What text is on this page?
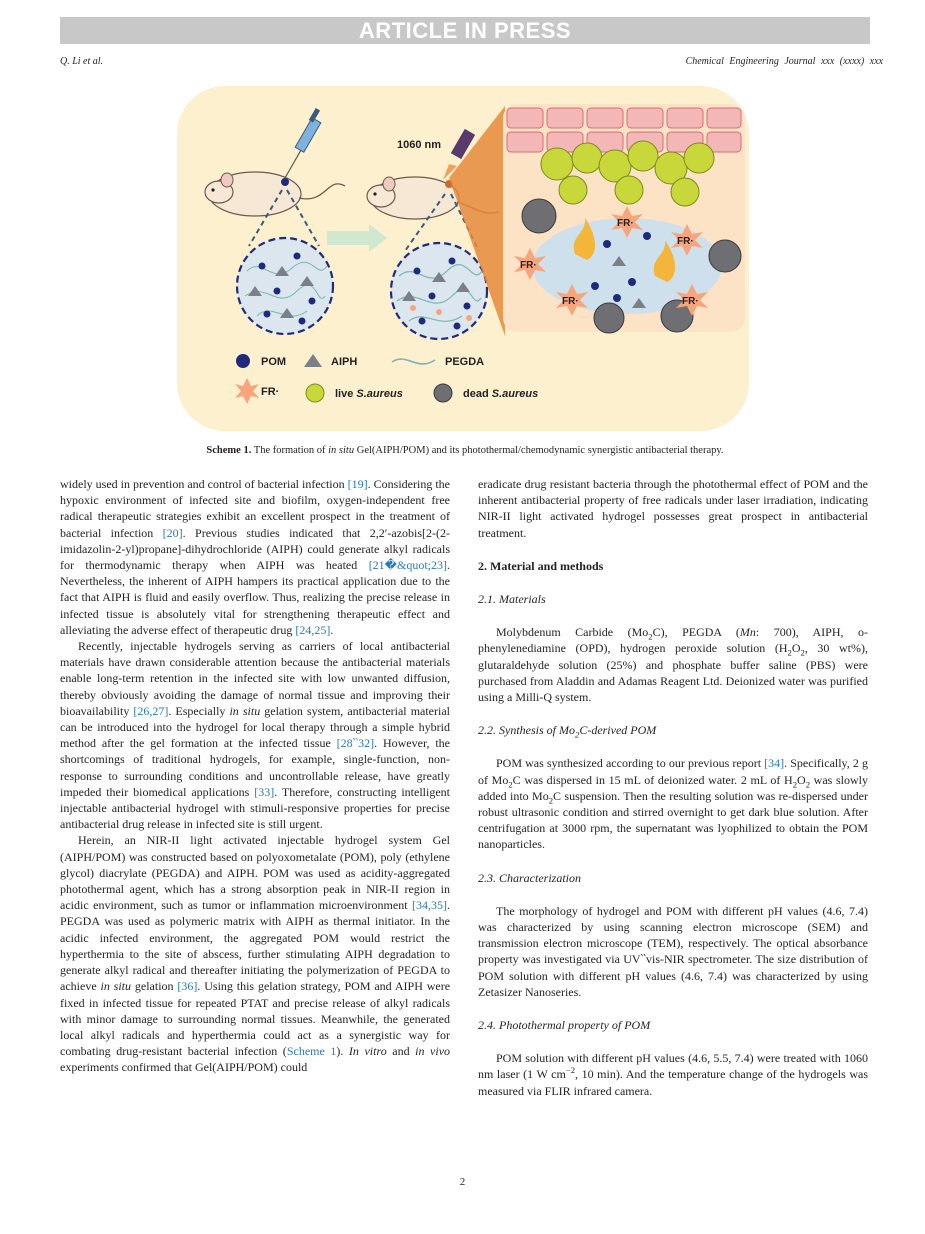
ARTICLE IN PRESS
Q. Li et al.	Chemical Engineering Journal xxx (xxxx) xxx
1060 nm
FR·
FR·
FR·
FR·	FR·
POM	AIPH	PEGDA
FR·	live S.aureus	dead S.aureus
Scheme 1. The formation of in situ Gel(AIPH/POM) and its photothermal/chemodynamic synergistic antibacterial therapy.

widely used in prevention and control of bacterial infection [19]. Considering the hypoxic environment of infected site and biofilm, oxygen-independent free radical therapeutic strategies exhibit an excellent prospect in the treatment of bacterial infection [20]. Previous studies indicated that 2,2′-azobis[2-(2-imidazolin-2-yl)propane]-dihydrochloride (AIPH) could generate alkyl radicals for thermodynamic therapy when AIPH was heated [21�&quot;23]. Nevertheless, the inherent of AIPH hampers its practical application due to the fact that AIPH is fluid and easily overflow. Thus, realizing the precise release in infected tissue is absolutely vital for strengthening therapeutic effect and alleviating the adverse effect of therapeutic drug [24,25].

Recently, injectable hydrogels serving as carriers of local antibacterial materials have drawn considerable attention because the antibacterial materials enable long-term retention in the infected site with low unwanted diffusion, thereby obviously avoiding the damage of normal tissue and improving their bioavailability [26,27]. Especially in situ gelation system, antibacterial material can be introduced into the hydrogel for local therapy through a simple hybrid method after the gel formation at the infected tissue [28‵‵32]. However, the shortcomings of traditional hydrogels, for example, single-function, non-response to surrounding conditions and uncontrollable release, have greatly impeded their biomedical applications [33]. Therefore, constructing intelligent injectable antibacterial hydrogel with stimuli-responsive properties for precise antibacterial drug release in infected site is still urgent.

Herein, an NIR-II light activated injectable hydrogel system Gel (AIPH/POM) was constructed based on polyoxometalate (POM), poly (ethylene glycol) diacrylate (PEGDA) and AIPH. POM was used as acidity-aggregated photothermal agent, which has a strong absorption peak in NIR-II region in acidic environment, such as tumor or inflammation microenvironment [34,35]. PEGDA was used as polymeric matrix with AIPH as thermal initiator. In the acidic infected environment, the aggregated POM would restrict the hyperthermia to the site of abscess, further stimulating AIPH degradation to generate alkyl radical and thereafter initiating the polymerization of PEGDA to achieve in situ gelation [36]. Using this gelation strategy, POM and AIPH were fixed in infected tissue for repeated PTAT and precise release of alkyl radicals with minor damage to surrounding normal tissues. Meanwhile, the generated local alkyl radicals and hyperthermia could act as a synergistic way for combating drug-resistant bacterial infection (Scheme 1). In vitro and in vivo experiments confirmed that Gel(AIPH/POM) could

eradicate drug resistant bacteria through the photothermal effect of POM and the inherent antibacterial property of free radicals under laser irradiation, indicating NIR-II light activated hydrogel possesses great prospect in antibacterial treatment.

2. Material and methods

2.1. Materials

Molybdenum Carbide $(Mo_2C)$, PEGDA (Mn: 700), AIPH, o-phenylenediamine (OPD), hydrogen peroxide solution ($H_2O_2$, 30 wt%), glutaraldehyde solution (25%) and phosphate buffer saline (PBS) were purchased from Aladdin and Adamas Reagent Ltd. Deionized water was purified using a Milli-Q system.

2.2. Synthesis of $Mo_2C$-derived POM

POM was synthesized according to our previous report [34]. Specifically, 2 g of $Mo_2C$ was dispersed in 15 mL of deionized water. 2 mL of $H_2O_2$ was slowly added into $Mo_2C$ suspension. Then the resulting solution was re-dispersed under robust ultrasonic condition and stirred overnight to get dark blue solution. After centrifugation at 3000 rpm, the supernatant was lyophilized to obtain the POM nanoparticles.

2.3. Characterization

The morphology of hydrogel and POM with different pH values (4.6, 7.4) was characterized by using scanning electron microscope (SEM) and transmission electron microscope (TEM), respectively. The optical absorbance property was investigated via UV‵‵vis-NIR spectrometer. The size distribution of POM solution with different pH values (4.6, 7.4) was characterized by using Zetasizer Nanoseries.

2.4. Photothermal property of POM

POM solution with different pH values (4.6, 5.5, 7.4) were treated with 1060 nm laser (1 W $cm^{-2}$, 10 min). And the temperature change of the hydrogels was measured via FLIR infrared camera.

2
